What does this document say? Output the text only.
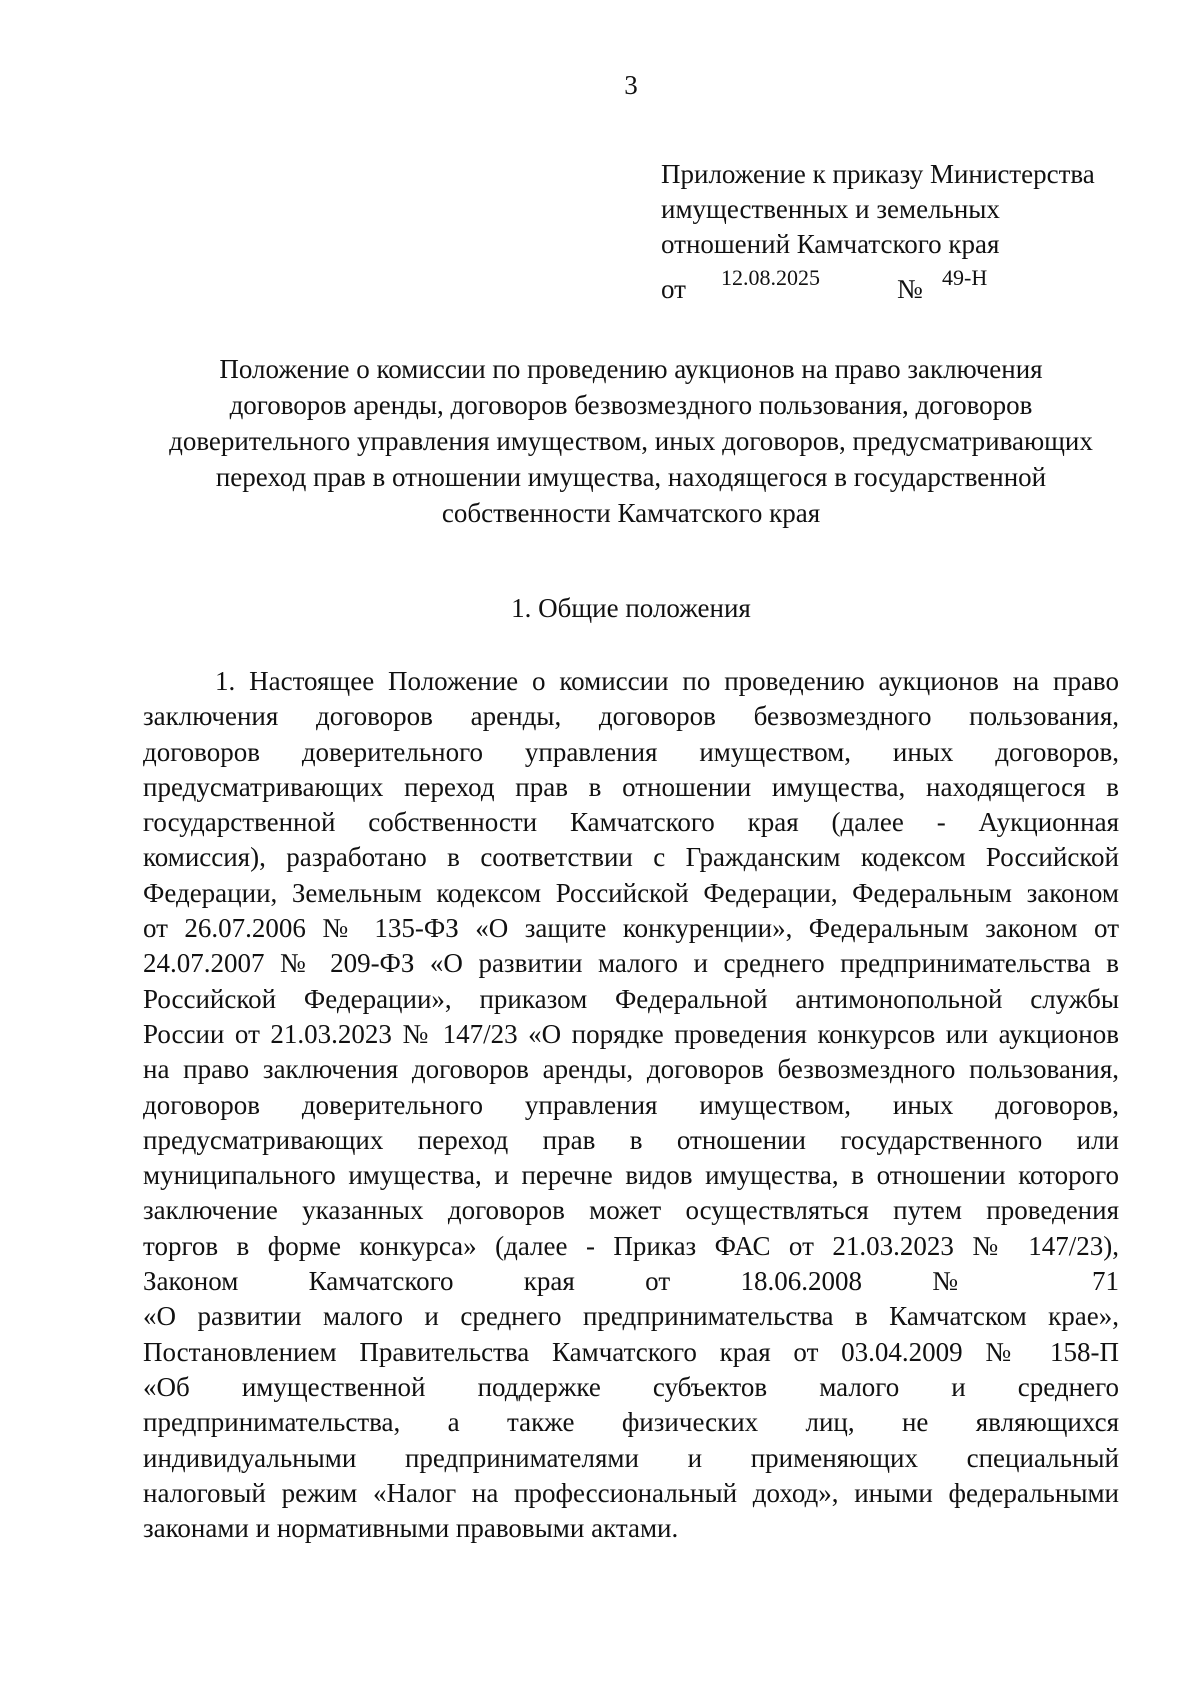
3
Приложение к приказу Министерства
имущественных и земельных
отношений Камчатского края
от 12.08.2025	№ 49-Н
Положение о комиссии по проведению аукционов на право заключения
договоров аренды, договоров безвозмездного пользования, договоров
доверительного управления имуществом, иных договоров, предусматривающих
переход прав в отношении имущества, находящегося в государственной
собственности Камчатского края
1. Общие положения
1. Настоящее Положение о комиссии по проведению аукционов на право
заключения договоров аренды, договоров безвозмездного пользования,
договоров доверительного управления имуществом, иных договоров,
предусматривающих переход прав в отношении имущества, находящегося в
государственной собственности Камчатского края (далее - Аукционная
комиссия), разработано в соответствии с Гражданским кодексом Российской
Федерации, Земельным кодексом Российской Федерации, Федеральным законом
от 26.07.2006 № 135-ФЗ «О защите конкуренции», Федеральным законом от
24.07.2007 № 209-ФЗ «О развитии малого и среднего предпринимательства в
Российской Федерации», приказом Федеральной антимонопольной службы
России от 21.03.2023 № 147/23 «О порядке проведения конкурсов или аукционов
на право заключения договоров аренды, договоров безвозмездного пользования,
договоров доверительного управления имуществом, иных договоров,
предусматривающих переход прав в отношении государственного или
муниципального имущества, и перечне видов имущества, в отношении которого
заключение указанных договоров может осуществляться путем проведения
торгов в форме конкурса» (далее - Приказ ФАС от 21.03.2023 № 147/23),
Законом Камчатского края от 18.06.2008 № 71
«О развитии малого и среднего предпринимательства в Камчатском крае»,
Постановлением Правительства Камчатского края от 03.04.2009 № 158-П
«Об имущественной поддержке субъектов малого и среднего
предпринимательства, а также физических лиц, не являющихся
индивидуальными предпринимателями и применяющих специальный
налоговый режим «Налог на профессиональный доход», иными федеральными
законами и нормативными правовыми актами.
